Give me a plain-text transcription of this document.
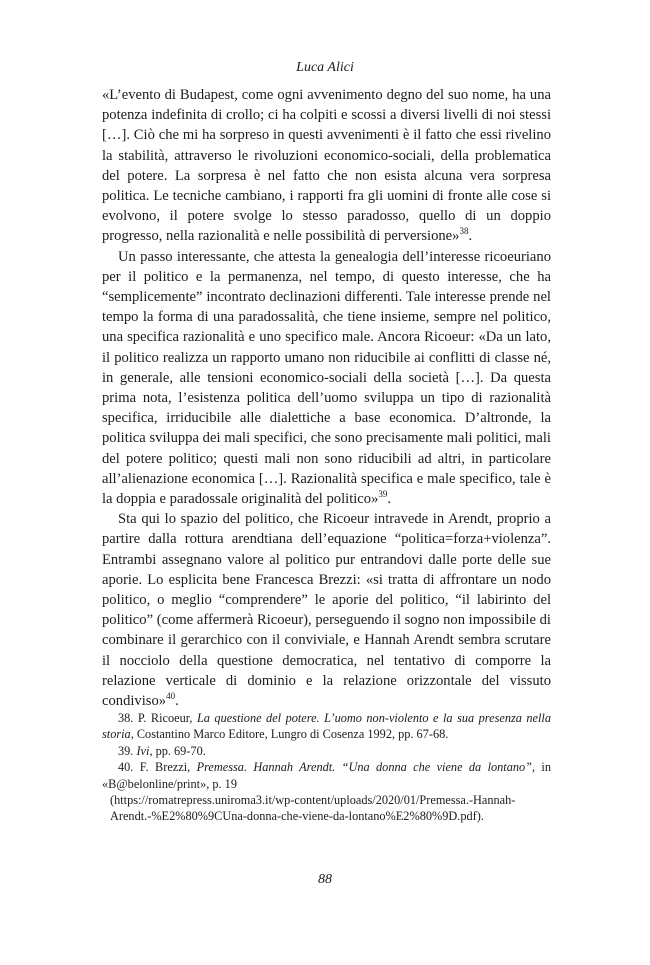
Luca Alici

«L’evento di Budapest, come ogni avvenimento degno del suo nome, ha una potenza indefinita di crollo; ci ha colpiti e scossi a diversi livelli di noi stessi […]. Ciò che mi ha sorpreso in questi avvenimenti è il fatto che essi rivelino la stabilità, attraverso le rivoluzioni economico-sociali, della problematica del potere. La sorpresa è nel fatto che non esista alcuna vera sorpresa politica. Le tecniche cambiano, i rapporti fra gli uomini di fronte alle cose si evolvono, il potere svolge lo stesso paradosso, quello di un doppio progresso, nella razionalità e nelle possibilità di perversione»$^{38}$.

Un passo interessante, che attesta la genealogia dell’interesse ricoeuriano per il politico e la permanenza, nel tempo, di questo interesse, che ha “semplicemente” incontrato declinazioni differenti. Tale interesse prende nel tempo la forma di una paradossalità, che tiene insieme, sempre nel politico, una specifica razionalità e uno specifico male. Ancora Ricoeur: «Da un lato, il politico realizza un rapporto umano non riducibile ai conflitti di classe né, in generale, alle tensioni economico-sociali della società […]. Da questa prima nota, l’esistenza politica dell’uomo sviluppa un tipo di razionalità specifica, irriducibile alle dialettiche a base economica. D’altronde, la politica sviluppa dei mali specifici, che sono precisamente mali politici, mali del potere politico; questi mali non sono riducibili ad altri, in particolare all’alienazione economica […]. Razionalità specifica e male specifico, tale è la doppia e paradossale originalità del politico»$^{39}$.

Sta qui lo spazio del politico, che Ricoeur intravede in Arendt, proprio a partire dalla rottura arendtiana dell’equazione “politica=forza+violenza”. Entrambi assegnano valore al politico pur entrandovi dalle porte delle sue aporie. Lo esplicita bene Francesca Brezzi: «si tratta di affrontare un nodo politico, o meglio “comprendere” le aporie del politico, “il labirinto del politico” (come affermerà Ricoeur), perseguendo il sogno non impossibile di combinare il gerarchico con il conviviale, e Hannah Arendt sembra scrutare il nocciolo della questione democratica, nel tentativo di comporre la relazione verticale di dominio e la relazione orizzontale del vissuto condiviso»$^{40}$.

38. P. Ricoeur, La questione del potere. L’uomo non-violento e la sua presenza nella storia, Costantino Marco Editore, Lungro di Cosenza 1992, pp. 67-68.

39. Ivi, pp. 69-70.

40. F. Brezzi, Premessa. Hannah Arendt. “Una donna che viene da lontano”, in «B@belonline/print», p. 19

(https://romatrepress.uniroma3.it/wp-content/uploads/2020/01/Premessa.-Hannah-Arendt.-%E2%80%9CUna-donna-che-viene-da-lontano%E2%80%9D.pdf).

88
